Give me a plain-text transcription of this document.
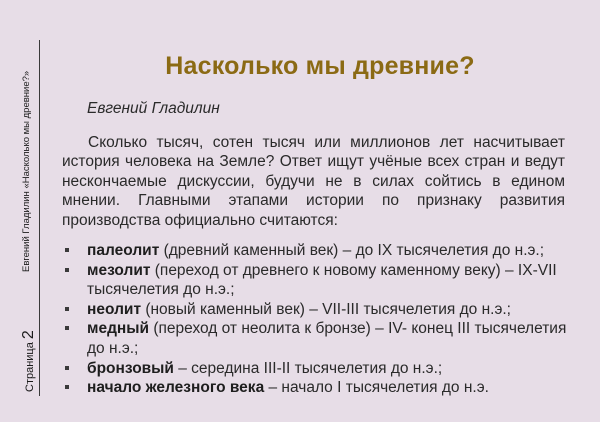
Евгений Гладилин «Насколько мы древние?»
Страница 2
Насколько мы древние?
Евгений Гладилин

Сколько тысяч, сотен тысяч или миллионов лет насчитывает история человека на Земле? Ответ ищут учёные всех стран и ведут нескончаемые дискуссии, будучи не в силах сойтись в едином мнении. Главными этапами истории по признаку развития производства официально считаются:

палеолит (древний каменный век) – до IX тысячелетия до н.э.;
мезолит (переход от древнего к новому каменному веку) – IX-VII тысячелетия до н.э.;
неолит (новый каменный век) – VII-III тысячелетия до н.э.;
медный (переход от неолита к бронзе) – IV- конец III тысячелетия до н.э.;
бронзовый – середина III-II тысячелетия до н.э.;
начало железного века – начало I тысячелетия до н.э.
